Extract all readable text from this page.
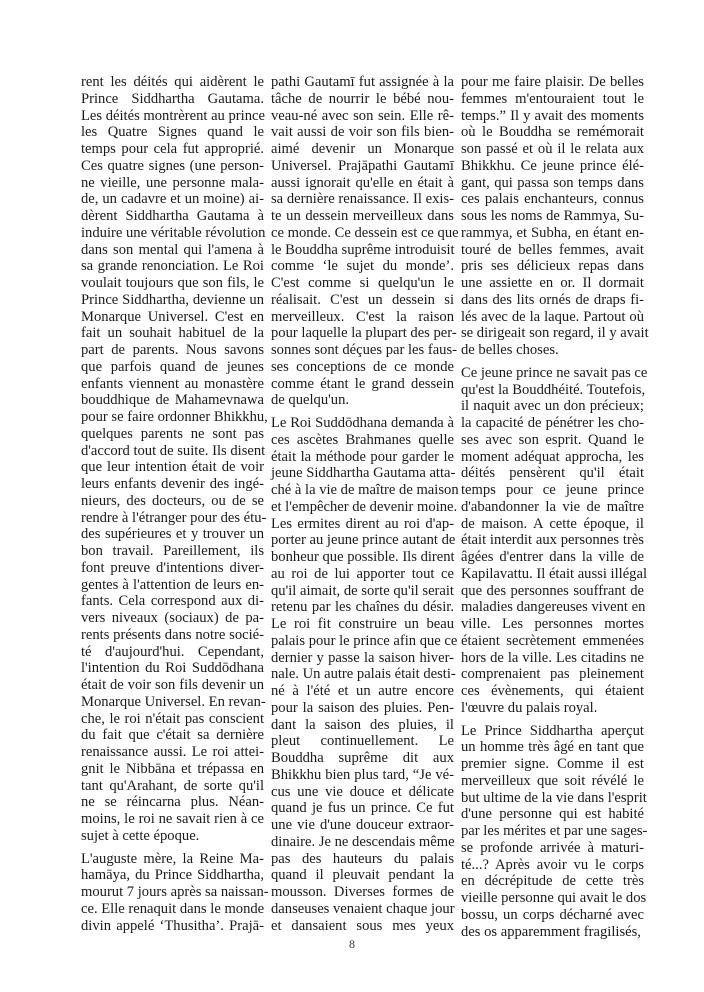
rent les déités qui aidèrent le
Prince Siddhartha Gautama.
Les déités montrèrent au prince
les Quatre Signes quand le
temps pour cela fut approprié.
Ces quatre signes (une person-
ne vieille, une personne mala-
de, un cadavre et un moine) ai-
dèrent Siddhartha Gautama à
induire une véritable révolution
dans son mental qui l'amena à
sa grande renonciation. Le Roi
voulait toujours que son fils, le
Prince Siddhartha, devienne un
Monarque Universel. C'est en
fait un souhait habituel de la
part de parents. Nous savons
que parfois quand de jeunes
enfants viennent au monastère
bouddhique de Mahamevnawa
pour se faire ordonner Bhikkhu,
quelques parents ne sont pas
d'accord tout de suite. Ils disent
que leur intention était de voir
leurs enfants devenir des ingé-
nieurs, des docteurs, ou de se
rendre à l'étranger pour des étu-
des supérieures et y trouver un
bon travail. Pareillement, ils
font preuve d'intentions diver-
gentes à l'attention de leurs en-
fants. Cela correspond aux di-
vers niveaux (sociaux) de pa-
rents présents dans notre socié-
té d'aujourd'hui. Cependant,
l'intention du Roi Suddōdhana
était de voir son fils devenir un
Monarque Universel. En revan-
che, le roi n'était pas conscient
du fait que c'était sa dernière
renaissance aussi. Le roi attei-
gnit le Nibbāna et trépassa en
tant qu'Arahant, de sorte qu'il
ne se réincarna plus. Néan-
moins, le roi ne savait rien à ce
sujet à cette époque.

L'auguste mère, la Reine Ma-
hamāya, du Prince Siddhartha,
mourut 7 jours après sa naissan-
ce. Elle renaquit dans le monde
divin appelé ‘Thusitha’. Prajā-

pathi Gautamī fut assignée à la
tâche de nourrir le bébé nou-
veau-né avec son sein. Elle rê-
vait aussi de voir son fils bien-
aimé devenir un Monarque
Universel. Prajāpathi Gautamī
aussi ignorait qu'elle en était à
sa dernière renaissance. Il exis-
te un dessein merveilleux dans
ce monde. Ce dessein est ce que
le Bouddha suprême introduisit
comme ‘le sujet du monde’.
C'est comme si quelqu'un le
réalisait. C'est un dessein si
merveilleux. C'est la raison
pour laquelle la plupart des per-
sonnes sont déçues par les faus-
ses conceptions de ce monde
comme étant le grand dessein
de quelqu'un.

Le Roi Suddōdhana demanda à
ces ascètes Brahmanes quelle
était la méthode pour garder le
jeune Siddhartha Gautama atta-
ché à la vie de maître de maison
et l'empêcher de devenir moine.
Les ermites dirent au roi d'ap-
porter au jeune prince autant de
bonheur que possible. Ils dirent
au roi de lui apporter tout ce
qu'il aimait, de sorte qu'il serait
retenu par les chaînes du désir.
Le roi fit construire un beau
palais pour le prince afin que ce
dernier y passe la saison hiver-
nale. Un autre palais était desti-
né à l'été et un autre encore
pour la saison des pluies. Pen-
dant la saison des pluies, il
pleut continuellement. Le
Bouddha suprême dit aux
Bhikkhu bien plus tard, “Je vé-
cus une vie douce et délicate
quand je fus un prince. Ce fut
une vie d'une douceur extraor-
dinaire. Je ne descendais même
pas des hauteurs du palais
quand il pleuvait pendant la
mousson. Diverses formes de
danseuses venaient chaque jour
et dansaient sous mes yeux

pour me faire plaisir. De belles
femmes m'entouraient tout le
temps.” Il y avait des moments
où le Bouddha se remémorait
son passé et où il le relata aux
Bhikkhu. Ce jeune prince élé-
gant, qui passa son temps dans
ces palais enchanteurs, connus
sous les noms de Rammya, Su-
rammya, et Subha, en étant en-
touré de belles femmes, avait
pris ses délicieux repas dans
une assiette en or. Il dormait
dans des lits ornés de draps fi-
lés avec de la laque. Partout où
se dirigeait son regard, il y avait
de belles choses.

Ce jeune prince ne savait pas ce
qu'est la Bouddhéité. Toutefois,
il naquit avec un don précieux;
la capacité de pénétrer les cho-
ses avec son esprit. Quand le
moment adéquat approcha, les
déités pensèrent qu'il était
temps pour ce jeune prince
d'abandonner la vie de maître
de maison. A cette époque, il
était interdit aux personnes très
âgées d'entrer dans la ville de
Kapilavattu. Il était aussi illégal
que des personnes souffrant de
maladies dangereuses vivent en
ville. Les personnes mortes
étaient secrètement emmenées
hors de la ville. Les citadins ne
comprenaient pas pleinement
ces évènements, qui étaient
l'œuvre du palais royal.

Le Prince Siddhartha aperçut
un homme très âgé en tant que
premier signe. Comme il est
merveilleux que soit révélé le
but ultime de la vie dans l'esprit
d'une personne qui est habité
par les mérites et par une sages-
se profonde arrivée à maturi-
té...? Après avoir vu le corps
en décrépitude de cette très
vieille personne qui avait le dos
bossu, un corps décharné avec
des os apparemment fragilisés,

8
